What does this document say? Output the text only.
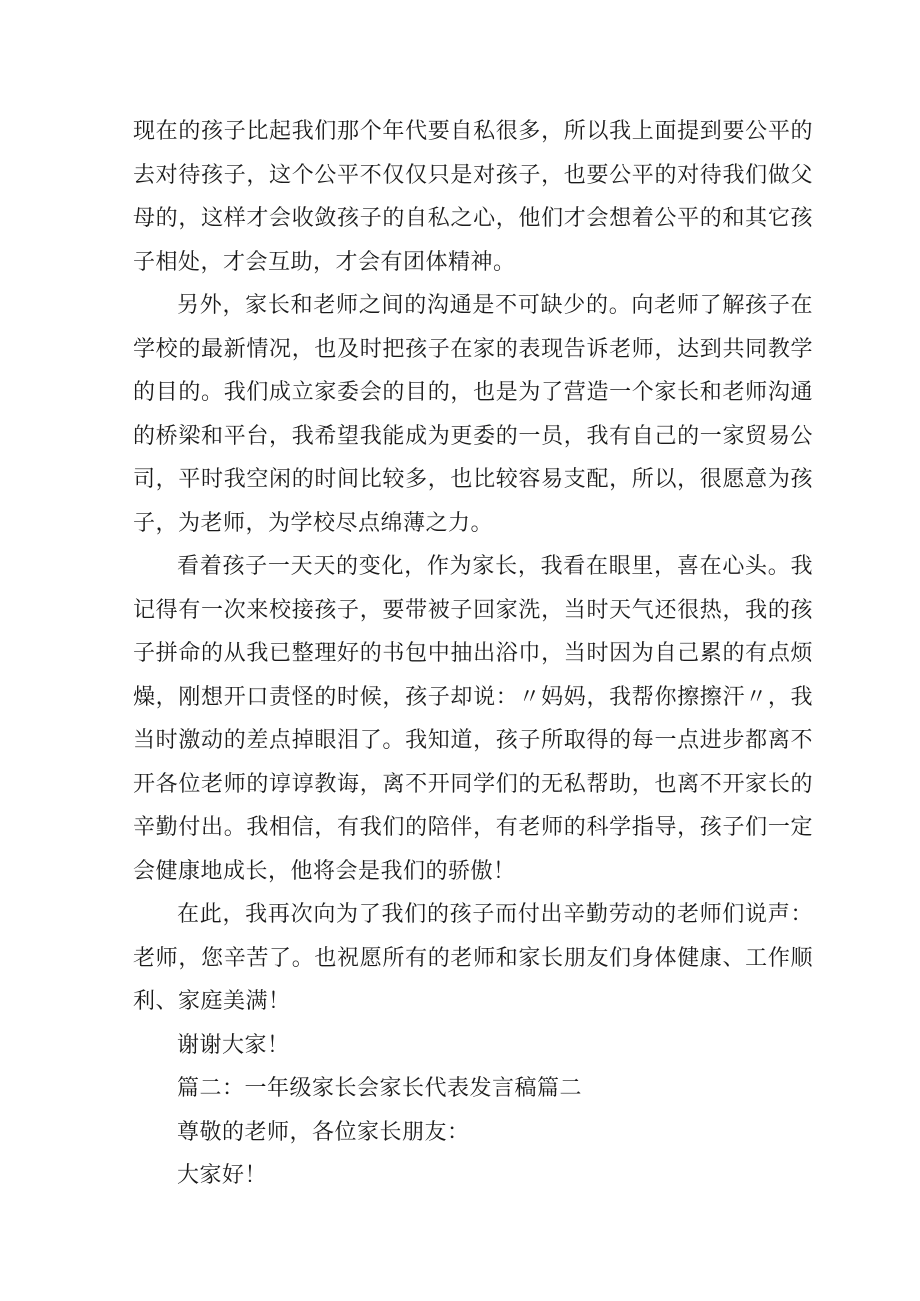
现在的孩子比起我们那个年代要自私很多，所以我上面提到要公平的去对待孩子，这个公平不仅仅只是对孩子，也要公平的对待我们做父母的，这样才会收敛孩子的自私之心，他们才会想着公平的和其它孩子相处，才会互助，才会有团体精神。

另外，家长和老师之间的沟通是不可缺少的。向老师了解孩子在学校的最新情况，也及时把孩子在家的表现告诉老师，达到共同教学的目的。我们成立家委会的目的，也是为了营造一个家长和老师沟通的桥梁和平台，我希望我能成为更委的一员，我有自己的一家贸易公司，平时我空闲的时间比较多，也比较容易支配，所以，很愿意为孩子，为老师，为学校尽点绵薄之力。

看着孩子一天天的变化，作为家长，我看在眼里，喜在心头。我记得有一次来校接孩子，要带被子回家洗，当时天气还很热，我的孩子拼命的从我已整理好的书包中抽出浴巾，当时因为自己累的有点烦燥，刚想开口责怪的时候，孩子却说：〃妈妈，我帮你擦擦汗〃，我当时激动的差点掉眼泪了。我知道，孩子所取得的每一点进步都离不开各位老师的谆谆教诲，离不开同学们的无私帮助，也离不开家长的辛勤付出。我相信，有我们的陪伴，有老师的科学指导，孩子们一定会健康地成长，他将会是我们的骄傲！

在此，我再次向为了我们的孩子而付出辛勤劳动的老师们说声：老师，您辛苦了。也祝愿所有的老师和家长朋友们身体健康、工作顺利、家庭美满！

谢谢大家！

篇二：一年级家长会家长代表发言稿篇二

尊敬的老师，各位家长朋友：

大家好！
